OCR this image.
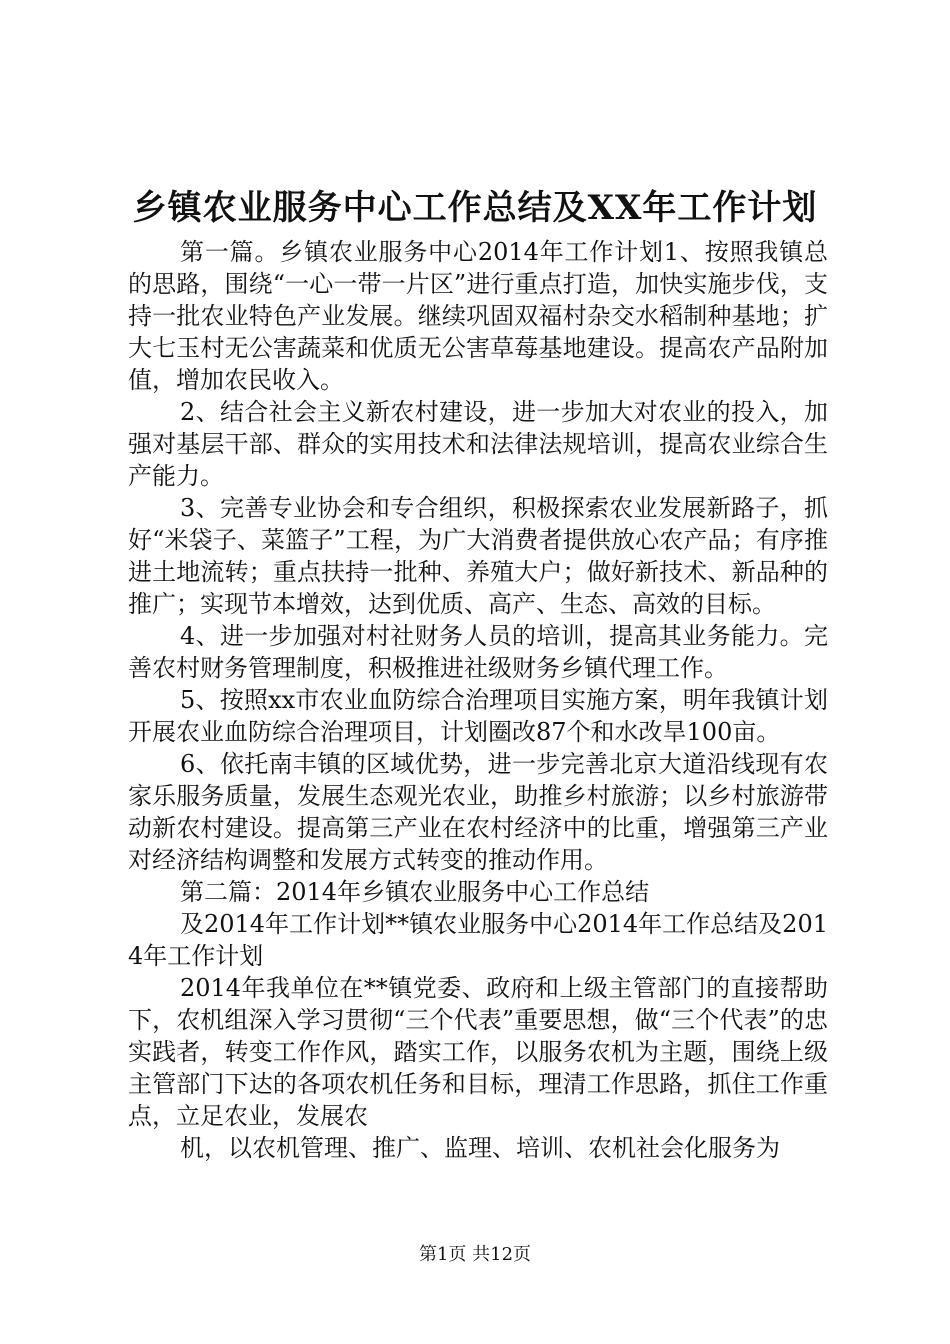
乡镇农业服务中心工作总结及XX年工作计划

第一篇。乡镇农业服务中心2014年工作计划1、按照我镇总的思路，围绕“一心一带一片区”进行重点打造，加快实施步伐，支持一批农业特色产业发展。继续巩固双福村杂交水稻制种基地；扩大七玉村无公害蔬菜和优质无公害草莓基地建设。提高农产品附加值，增加农民收入。

2、结合社会主义新农村建设，进一步加大对农业的投入，加强对基层干部、群众的实用技术和法律法规培训，提高农业综合生产能力。

3、完善专业协会和专合组织，积极探索农业发展新路子，抓好“米袋子、菜篮子”工程，为广大消费者提供放心农产品；有序推进土地流转；重点扶持一批种、养殖大户；做好新技术、新品种的推广；实现节本增效，达到优质、高产、生态、高效的目标。

4、进一步加强对村社财务人员的培训，提高其业务能力。完善农村财务管理制度，积极推进社级财务乡镇代理工作。

5、按照xx市农业血防综合治理项目实施方案，明年我镇计划开展农业血防综合治理项目，计划圈改87个和水改旱100亩。

6、依托南丰镇的区域优势，进一步完善北京大道沿线现有农家乐服务质量，发展生态观光农业，助推乡村旅游；以乡村旅游带动新农村建设。提高第三产业在农村经济中的比重，增强第三产业对经济结构调整和发展方式转变的推动作用。

第二篇：2014年乡镇农业服务中心工作总结

及2014年工作计划**镇农业服务中心2014年工作总结及2014年工作计划

2014年我单位在**镇党委、政府和上级主管部门的直接帮助下，农机组深入学习贯彻“三个代表”重要思想，做“三个代表”的忠实践者，转变工作作风，踏实工作，以服务农机为主题，围绕上级主管部门下达的各项农机任务和目标，理清工作思路，抓住工作重点，立足农业，发展农

机，以农机管理、推广、监理、培训、农机社会化服务为

第1页 共12页
